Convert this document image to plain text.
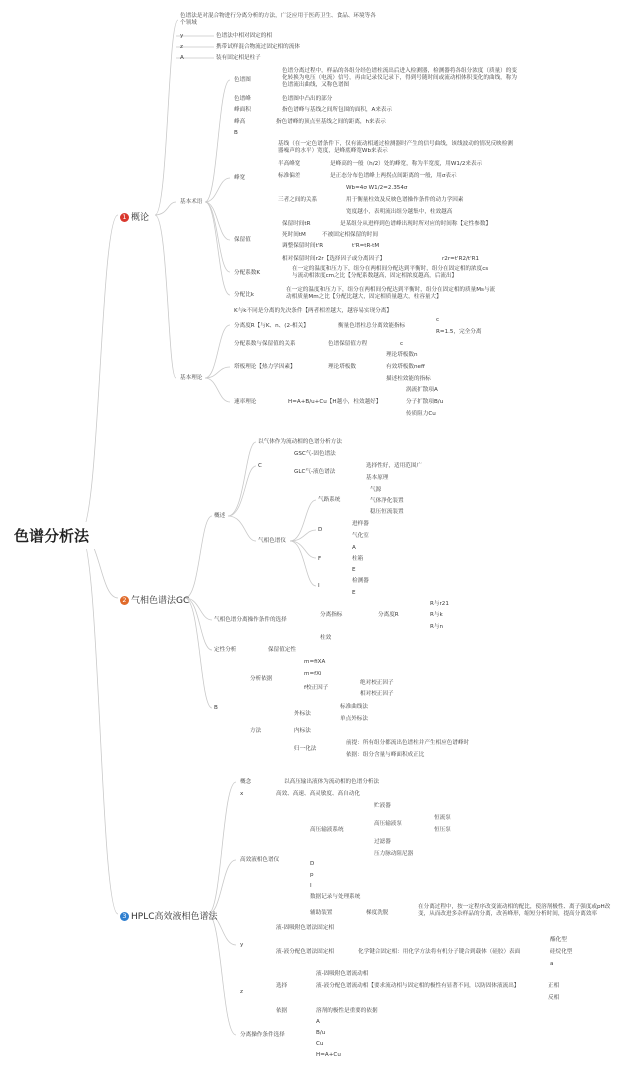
色谱分析法
1 概论
色谱法是对混合物进行分离分析的方法，广泛应用于医药卫生、食品、环境等各个领域
y	色谱法中相对固定的相
z	携带试样混合物流过固定相的流体
A	装有固定相是柱子
基本术语
色谱图
色谱分离过程中，样品的各组分经色谱柱流出后进入检测器，检测器将各组分浓度（质量）的变化转换为电压（电流）信号，再由记录仪记录下，得到号随时间或流动相体积变化的曲线，称为色谱流出曲线，又称色谱图
色谱峰	色谱图中凸出的部分
峰面积	指色谱峰与基线之间所包围的面积，A来表示
峰高	指色谱峰的顶点至基线之间的距离，h来表示
B
峰宽
基线（在一定色谱条件下，仅有流动相通过检测器时产生的信号曲线，该线波动的情况反映检测器噪声的水平）宽度，是峰底峰宽Wb来表示
半高峰宽	是峰高的一般（h/2）处的峰宽，称为半宽度，用W1/2来表示
标准偏差	是正态分布色谱峰上两拐点间距离的一般，用σ表示
三者之间的关系
Wb=4σ W1/2=2.354σ
用于衡量柱效及反映色谱操作条件的动力学因素
宽度越小，表明流出组分越集中，柱效越高
保留值
保留时间tR	是某组分从进样到色谱峰出现时所对应的时间称【定性参数】
死时间tM	不被固定相保留的时间
调整保留时间t'R	t'R=tR-tM
相对保留时间r2r【选择因子或分离因子】	r2r=t'R2/t'R1
分配系数K
在一定的温度和压力下，组分在两相间分配达到平衡时，组分在固定相的浓度cs与流动相浓度cm之比【分配系数越高，固定相浓度越高，后流出】
分配比k
在一定的温度和压力下，组分在两相间分配达到平衡时，组分在固定相的质量Ms与流动相质量Mm之比【分配比越大，固定相质量越大，柱容量大】
K与k不同是分离的先决条件【两者相差越大，越容易实现分离】
基本理论
分离度R【与K、n、(2-相关】	衡量色谱柱总分离效能指标
c
R=1.5，完全分离
分配系数与保留值的关系	色谱保留值方程	c
塔板理论【热力学因素】	理论塔板数
理论塔板数n
有效塔板数neff
描述柱效能的指标
速率理论	H=A+B/u+Cu【H越小，柱效越好】
涡流扩散项A
分子扩散项B/u
传质阻力Cu
2 气相色谱法GC
概述
以气体作为流动相的色谱分析方法
C
GSC气-固色谱法
GLC气-液色谱法
选择性好，适用范围广
基本原理
气路系统
气源
气体净化装置
稳压恒流装置
气相色谱仪
D
进样器
气化室
A
F	柱箱
E
I
检测器
E
气相色谱分离操作条件的选择
分离指标	分离度R
R与r21
R与k
R与n
柱效
定性分析	保留值定性
分析依据
m=fiXA
m=fXi
f校正因子
绝对校正因子
相对校正因子
B
方法
外标法
标准曲线法
单点外标法
内标法
归一化法
前提：所有组分都流出色谱柱并产生相应色谱峰时
依据：组分含量与峰面积成正比
3 HPLC高效液相色谱法
概念	以高压输出液体为流动相的色谱分析法
x	高效、高速、高灵敏度、高自动化
高效液相色谱仪
高压输液系统
贮液器
高压输液泵
恒流泵
恒压泵
过滤器
压力脉动阻尼器
D
p
I
数据记录与处理系统
辅助装置	梯度洗脱
在分离过程中，按一定程序改变流动相的配比，使溶剂极性、离子强度或pH改变，从而改进多杂样品的分离，改善峰形，缩短分析时间，提高分离效率
y
液-固吸附色谱法固定相
液-液分配色谱法固定相	化学键合固定相：用化学方法将有机分子键合到载体（硅胶）表面
酯化型
硅烷化型
a
z
选择
液-固吸附色谱流动相
液-液分配色谱流动相【要求流动相与固定相的极性有显著不同，以防固体液流出】	正相
反相
依据	溶剂的极性是重要的依据
分离操作条件选择
A
B/u
Cu
H=A+Cu
